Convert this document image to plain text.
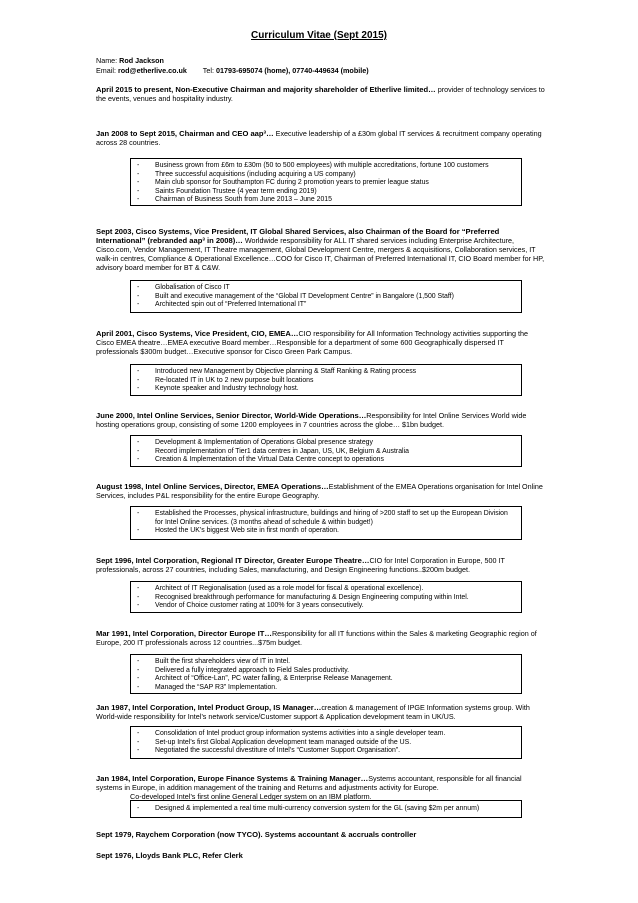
Curriculum Vitae (Sept 2015)
Name: Rod Jackson
Email: rod@etherlive.co.uk Tel: 01793-695074 (home), 07740-449634 (mobile)
April 2015 to present, Non-Executive Chairman and majority shareholder of Etherlive limited… provider of technology services to the events, venues and hospitality industry.
Jan 2008 to Sept 2015, Chairman and CEO aap³… Executive leadership of a £30m global IT services & recruitment company operating across 28 countries.
- Business grown from £6m to £30m (50 to 500 employees) with multiple accreditations, fortune 100 customers
- Three successful acquisitions (including acquiring a US company)
- Main club sponsor for Southampton FC during 2 promotion years to premier league status
- Saints Foundation Trustee (4 year term ending 2019)
- Chairman of Business South from June 2013 – June 2015
Sept 2003, Cisco Systems, Vice President, IT Global Shared Services, also Chairman of the Board for “Preferred International” (rebranded aap³ in 2008)… Worldwide responsibility for ALL IT shared services including Enterprise Architecture, Cisco.com, Vendor Management, IT Theatre management, Global Development Centre, mergers & acquisitions, Collaboration services, IT walk-in centres, Compliance & Operational Excellence…COO for Cisco IT, Chairman of Preferred International IT, CIO Board member for HP, advisory board member for BT & C&W.
- Globalisation of Cisco IT
- Built and executive management of the “Global IT Development Centre” in Bangalore (1,500 Staff)
- Architected spin out of “Preferred International IT”
April 2001, Cisco Systems, Vice President, CIO, EMEA…CIO responsibility for All Information Technology activities supporting the Cisco EMEA theatre…EMEA executive Board member…Responsible for a department of some 600 Geographically dispersed IT professionals $300m budget…Executive sponsor for Cisco Green Park Campus.
- Introduced new Management by Objective planning & Staff Ranking & Rating process
- Re-located IT in UK to 2 new purpose built locations
- Keynote speaker and Industry technology host.
June 2000, Intel Online Services, Senior Director, World-Wide Operations…Responsibility for Intel Online Services World wide hosting operations group, consisting of some 1200 employees in 7 countries across the globe… $1bn budget.
- Development & Implementation of Operations Global presence strategy
- Record implementation of Tier1 data centres in Japan, US, UK, Belgium & Australia
- Creation & Implementation of the Virtual Data Centre concept to operations
August 1998, Intel Online Services, Director, EMEA Operations…Establishment of the EMEA Operations organisation for Intel Online Services, includes P&L responsibility for the entire Europe Geography.
- Established the Processes, physical infrastructure, buildings and hiring of >200 staff to set up the European Division for Intel Online services. (3 months ahead of schedule & within budget!)
- Hosted the UK’s biggest Web site in first month of operation.
Sept 1996, Intel Corporation, Regional IT Director, Greater Europe Theatre…CIO for Intel Corporation in Europe, 500 IT professionals, across 27 countries, including Sales, manufacturing, and Design Engineering functions..$200m budget.
- Architect of IT Regionalisation (used as a role model for fiscal & operational excellence).
- Recognised breakthrough performance for manufacturing & Design Engineering computing within Intel.
- Vendor of Choice customer rating at 100% for 3 years consecutively.
Mar 1991, Intel Corporation, Director Europe IT…Responsibility for all IT functions within the Sales & marketing Geographic region of Europe, 200 IT professionals across 12 countries...$75m budget.
- Built the first shareholders view of IT in Intel.
- Delivered a fully integrated approach to Field Sales productivity.
- Architect of “Office-Lan”, PC water falling, & Enterprise Release Management.
- Managed the “SAP R3” Implementation.
Jan 1987, Intel Corporation, Intel Product Group, IS Manager…creation & management of IPGE Information systems group. With World-wide responsibility for Intel’s network service/Customer support & Application development team in UK/US.
- Consolidation of Intel product group information systems activities into a single developer team.
- Set-up Intel’s first Global Application development team managed outside of the US.
- Negotiated the successful divestiture of Intel’s “Customer Support Organisation”.
Jan 1984, Intel Corporation, Europe Finance Systems & Training Manager…Systems accountant, responsible for all financial systems in Europe, in addition management of the training and Returns and adjustments activity for Europe.
Co-developed Intel’s first online General Ledger system on an IBM platform.
- Designed & implemented a real time multi-currency conversion system for the GL (saving $2m per annum)
Sept 1979, Raychem Corporation (now TYCO). Systems accountant & accruals controller
Sept 1976, Lloyds Bank PLC, Refer Clerk
